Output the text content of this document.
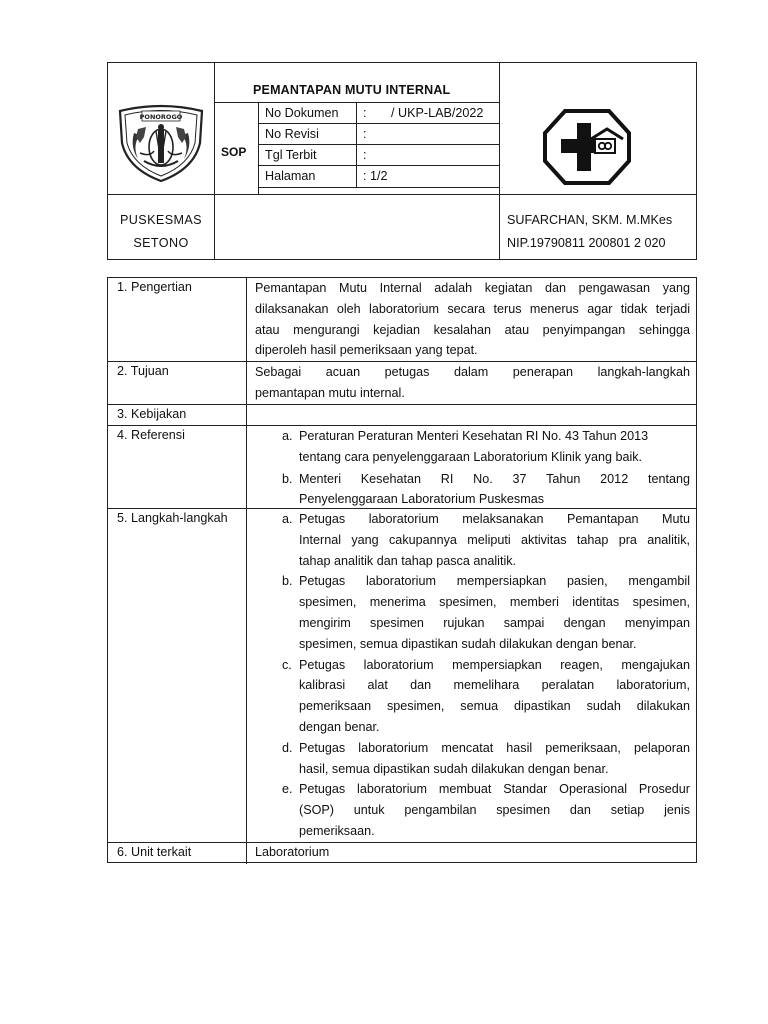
PONOROGO
PEMANTAPAN MUTU INTERNAL
SOP
No Dokumen :       / UKP-LAB/2022
No Revisi	:
Tgl Terbit	:
Halaman	: 1/2
PUSKESMAS
SETONO
SUFARCHAN, SKM. M.MKes
NIP.19790811 200801 2 020
1. Pengertian	Pemantapan Mutu Internal adalah kegiatan dan pengawasan yang
dilaksanakan oleh laboratorium secara terus menerus agar tidak terjadi
atau mengurangi kejadian kesalahan atau penyimpangan sehingga
diperoleh hasil pemeriksaan yang tepat.
2. Tujuan	Sebagai acuan petugas dalam penerapan langkah-langkah
pemantapan mutu internal.
3. Kebijakan
4. Referensi	a. Peraturan Peraturan Menteri Kesehatan RI No. 43 Tahun 2013
tentang cara penyelenggaraan Laboratorium Klinik yang baik.
b. Menteri Kesehatan RI No. 37 Tahun 2012 tentang
Penyelenggaraan Laboratorium Puskesmas
5. Langkah-langkah	a. Petugas laboratorium melaksanakan Pemantapan Mutu
Internal yang cakupannya meliputi aktivitas tahap pra analitik,
tahap analitik dan tahap pasca analitik.
b. Petugas laboratorium mempersiapkan pasien, mengambil
spesimen, menerima spesimen, memberi identitas spesimen,
mengirim spesimen rujukan sampai dengan menyimpan
spesimen, semua dipastikan sudah dilakukan dengan benar.
c. Petugas laboratorium mempersiapkan reagen, mengajukan
kalibrasi alat dan memelihara peralatan laboratorium,
pemeriksaan spesimen, semua dipastikan sudah dilakukan
dengan benar.
d. Petugas laboratorium mencatat hasil pemeriksaan, pelaporan
hasil, semua dipastikan sudah dilakukan dengan benar.
e. Petugas laboratorium membuat Standar Operasional Prosedur
(SOP) untuk pengambilan spesimen dan setiap jenis
pemeriksaan.
6. Unit terkait	Laboratorium
